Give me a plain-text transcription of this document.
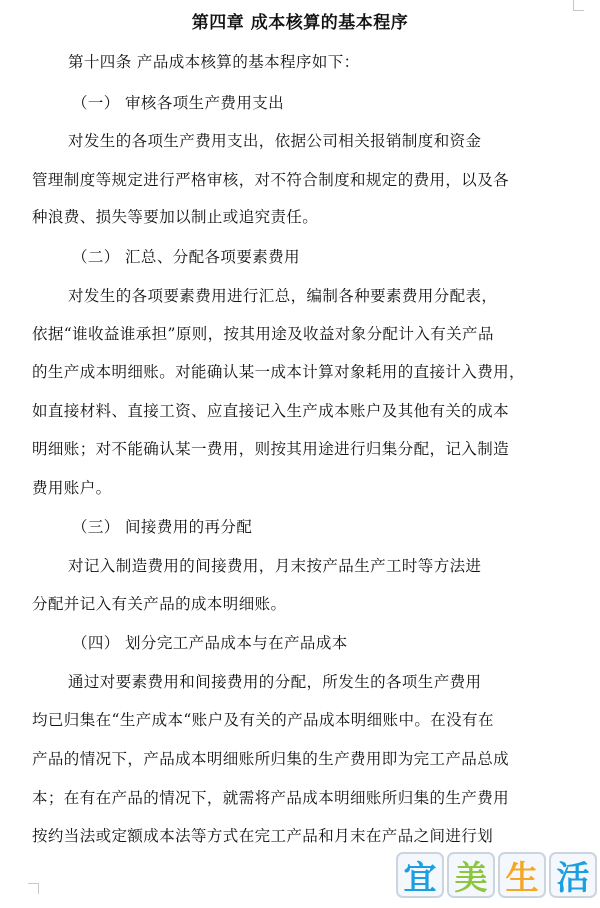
第四章 成本核算的基本程序
第十四条 产品成本核算的基本程序如下：
（一） 审核各项生产费用支出
对发生的各项生产费用支出，依据公司相关报销制度和资金
管理制度等规定进行严格审核，对不符合制度和规定的费用，以及各
种浪费、损失等要加以制止或追究责任。
（二） 汇总、分配各项要素费用
对发生的各项要素费用进行汇总，编制各种要素费用分配表，
依据“谁收益谁承担”原则，按其用途及收益对象分配计入有关产品
的生产成本明细账。对能确认某一成本计算对象耗用的直接计入费用，
如直接材料、直接工资、应直接记入生产成本账户及其他有关的成本
明细账；对不能确认某一费用，则按其用途进行归集分配，记入制造
费用账户。
（三） 间接费用的再分配
对记入制造费用的间接费用，月末按产品生产工时等方法进
分配并记入有关产品的成本明细账。
（四） 划分完工产品成本与在产品成本
通过对要素费用和间接费用的分配，所发生的各项生产费用
均已归集在“生产成本“账户及有关的产品成本明细账中。在没有在
产品的情况下，产品成本明细账所归集的生产费用即为完工产品总成
本；在有在产品的情况下，就需将产品成本明细账所归集的生产费用
按约当法或定额成本法等方式在完工产品和月末在产品之间进行划
宜 美 生 活
